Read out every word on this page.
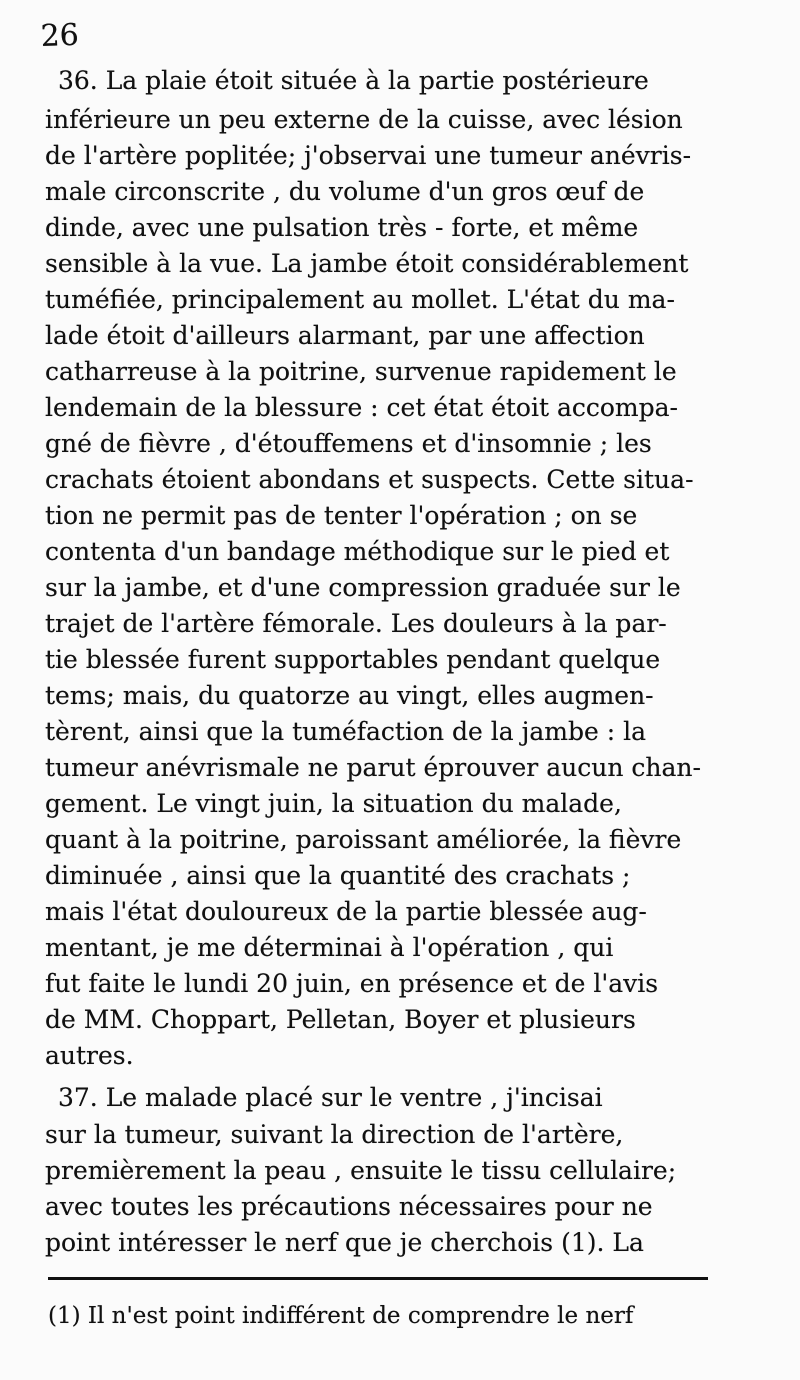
26
36. La plaie étoit située à la partie postérieure
inférieure un peu externe de la cuisse, avec lésion
de l'artère poplitée; j'observai une tumeur anévris-
male circonscrite , du volume d'un gros œuf de
dinde, avec une pulsation très - forte, et même
sensible à la vue. La jambe étoit considérablement
tuméfiée, principalement au mollet. L'état du ma-
lade étoit d'ailleurs alarmant, par une affection
catharreuse à la poitrine, survenue rapidement le
lendemain de la blessure : cet état étoit accompa-
gné de fièvre , d'étouffemens et d'insomnie ; les
crachats étoient abondans et suspects. Cette situa-
tion ne permit pas de tenter l'opération ; on se
contenta d'un bandage méthodique sur le pied et
sur la jambe, et d'une compression graduée sur le
trajet de l'artère fémorale. Les douleurs à la par-
tie blessée furent supportables pendant quelque
tems; mais, du quatorze au vingt, elles augmen-
tèrent, ainsi que la tuméfaction de la jambe : la
tumeur anévrismale ne parut éprouver aucun chan-
gement. Le vingt juin, la situation du malade,
quant à la poitrine, paroissant améliorée, la fièvre
diminuée , ainsi que la quantité des crachats ;
mais l'état douloureux de la partie blessée aug-
mentant, je me déterminai à l'opération , qui
fut faite le lundi 20 juin, en présence et de l'avis
de MM. Choppart, Pelletan, Boyer et plusieurs
autres.
37. Le malade placé sur le ventre , j'incisai
sur la tumeur, suivant la direction de l'artère,
premièrement la peau , ensuite le tissu cellulaire;
avec toutes les précautions nécessaires pour ne
point intéresser le nerf que je cherchois (1). La
(1) Il n'est point indifférent de comprendre le nerf
